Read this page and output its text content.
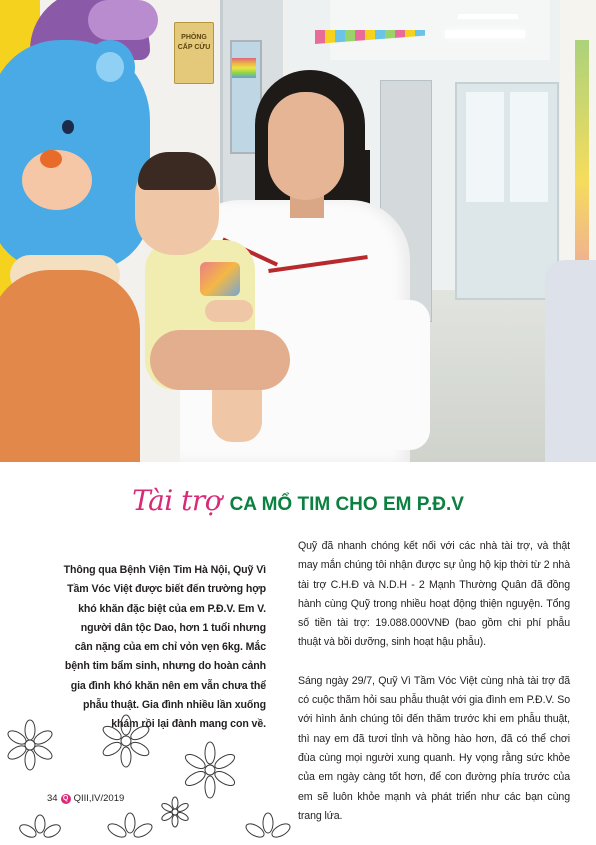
PHÒNG
CẤP CỨU
Tài trợ CA MỔ TIM CHO EM P.Đ.V
Thông qua Bệnh Viện Tim Hà Nội, Quỹ Vì Tầm Vóc Việt được biết đến trường hợp khó khăn đặc biệt của em P.Đ.V. Em V. người dân tộc Dao, hơn 1 tuổi nhưng cân nặng của em chỉ vỏn vẹn 6kg. Mắc bệnh tim bẩm sinh, nhưng do hoàn cảnh gia đình khó khăn nên em vẫn chưa thể phẫu thuật. Gia đình nhiều lần xuống khám rồi lại đành mang con về.

Quỹ đã nhanh chóng kết nối với các nhà tài trợ, và thật may mắn chúng tôi nhận được sự ủng hộ kịp thời từ 2 nhà tài trợ C.H.Đ và N.D.H - 2 Mạnh Thường Quân đã đồng hành cùng Quỹ trong nhiều hoạt động thiện nguyện. Tổng số tiền tài trợ: 19.088.000VNĐ (bao gồm chi phí phẫu thuật và bồi dưỡng, sinh hoạt hậu phẫu).

Sáng ngày 29/7, Quỹ Vì Tầm Vóc Việt cùng nhà tài trợ đã có cuộc thăm hỏi sau phẫu thuật với gia đình em P.Đ.V. So với hình ảnh chúng tôi đến thăm trước khi em phẫu thuật, thì nay em đã tươi tỉnh và hồng hào hơn, đã có thể chơi đùa cùng mọi người xung quanh. Hy vọng rằng sức khỏe của em ngày càng tốt hơn, để con đường phía trước của em sẽ luôn khỏe mạnh và phát triển như các bạn cùng trang lứa.

34 Q QIII,IV/2019
